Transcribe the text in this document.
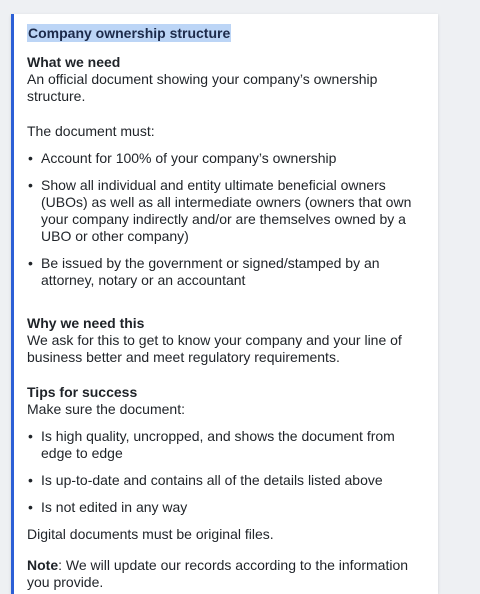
Company ownership structure
What we need

An official document showing your company’s ownership structure.

The document must:

• Account for 100% of your company’s ownership
• Show all individual and entity ultimate beneficial owners (UBOs) as well as all intermediate owners (owners that own your company indirectly and/or are themselves owned by a UBO or other company)
• Be issued by the government or signed/stamped by an attorney, notary or an accountant
Why we need this

We ask for this to get to know your company and your line of business better and meet regulatory requirements.

Tips for success

Make sure the document:

• Is high quality, uncropped, and shows the document from edge to edge
• Is up-to-date and contains all of the details listed above
• Is not edited in any way

Digital documents must be original files.

Note: We will update our records according to the information you provide.
